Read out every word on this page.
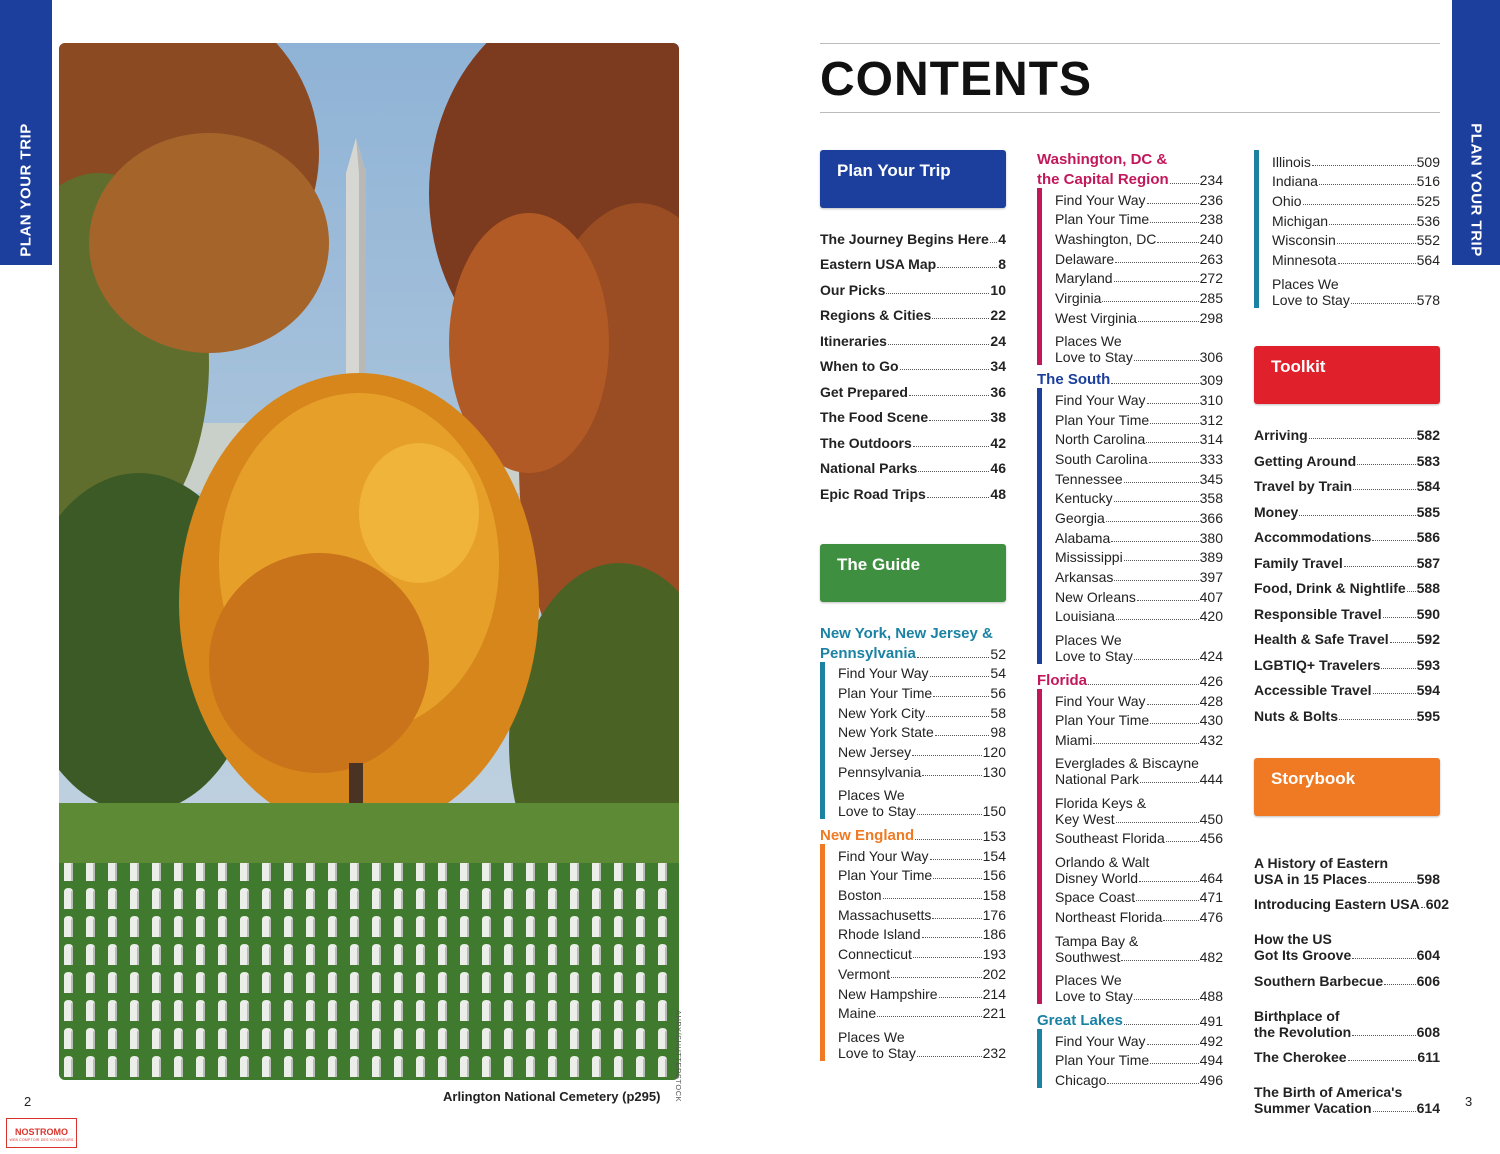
PLAN YOUR TRIP
AHPX/SHUTTERSTOCK
Arlington National Cemetery (p295)
2
NOSTROMO
WEB COMPTOIR DES VOYAGEURS
PLAN YOUR TRIP
CONTENTS
3
Plan Your Trip
The Journey Begins Here 4
Eastern USA Map	8
Our Picks	10
Regions & Cities	22
Itineraries	24
When to Go	34
Get Prepared	36
The Food Scene	38
The Outdoors	42
National Parks	46
Epic Road Trips	48
The Guide
New York, New Jersey &
Pennsylvania	52
Find Your Way	54
Plan Your Time	56
New York City	58
New York State	98
New Jersey	120
Pennsylvania	130
Places We
Love to Stay	150
New England	153
Find Your Way	154
Plan Your Time	156
Boston	158
Massachusetts	176
Rhode Island	186
Connecticut	193
Vermont	202
New Hampshire	214
Maine	221
Places We
Love to Stay	232
Washington, DC &
the Capital Region 234
Find Your Way	236
Plan Your Time	238
Washington, DC	240
Delaware	263
Maryland	272
Virginia	285
West Virginia	298
Places We
Love to Stay	306
The South	309
Find Your Way	310
Plan Your Time	312
North Carolina	314
South Carolina	333
Tennessee	345
Kentucky	358
Georgia	366
Alabama	380
Mississippi	389
Arkansas	397
New Orleans	407
Louisiana	420
Places We
Love to Stay	424
Florida	426
Find Your Way	428
Plan Your Time	430
Miami	432
Everglades & Biscayne
National Park	444
Florida Keys &
Key West	450
Southeast Florida 456
Orlando & Walt
Disney World	464
Space Coast	471
Northeast Florida	476
Tampa Bay &
Southwest	482
Places We
Love to Stay	488
Great Lakes	491
Find Your Way	492
Plan Your Time	494
Chicago	496
Illinois	509
Indiana	516
Ohio	525
Michigan	536
Wisconsin	552
Minnesota	564
Places We
Love to Stay	578
Toolkit
Arriving	582
Getting Around	583
Travel by Train	584
Money	585
Accommodations	586
Family Travel	587
Food, Drink & Nightlife 588
Responsible Travel	590
Health & Safe Travel 592
LGBTIQ+ Travelers	593
Accessible Travel	594
Nuts & Bolts	595
Storybook
A History of Eastern
USA in 15 Places	598
Introducing Eastern USA 602
How the US
Got Its Groove	604
Southern Barbecue 606
Birthplace of
the Revolution	608
The Cherokee	611
The Birth of America's
Summer Vacation	614
